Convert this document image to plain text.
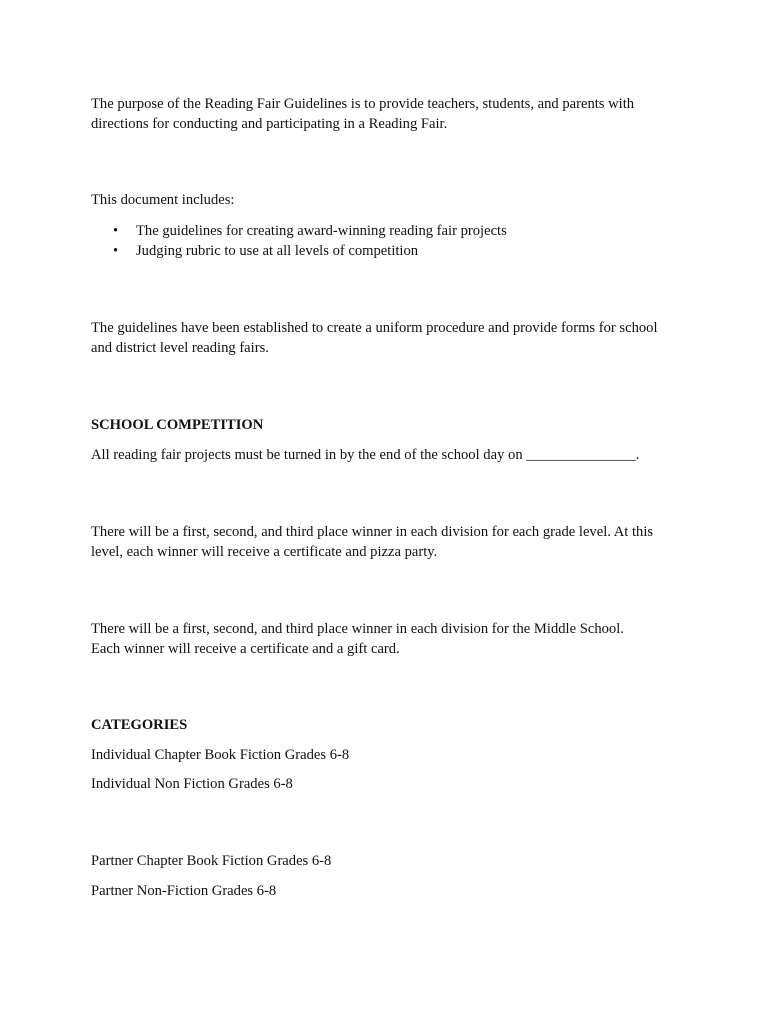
The purpose of the Reading Fair Guidelines is to provide teachers, students, and parents with
directions for conducting and participating in a Reading Fair.

This document includes:

• The guidelines for creating award-winning reading fair projects
• Judging rubric to use at all levels of competition

The guidelines have been established to create a uniform procedure and provide forms for school
and district level reading fairs.

SCHOOL COMPETITION

All reading fair projects must be turned in by the end of the school day on _______________.

There will be a first, second, and third place winner in each division for each grade level. At this
level, each winner will receive a certificate and pizza party.

There will be a first, second, and third place winner in each division for the Middle School.
Each winner will receive a certificate and a gift card.

CATEGORIES

Individual Chapter Book Fiction Grades 6-8

Individual Non Fiction Grades 6-8

Partner Chapter Book Fiction Grades 6-8

Partner Non-Fiction Grades 6-8
